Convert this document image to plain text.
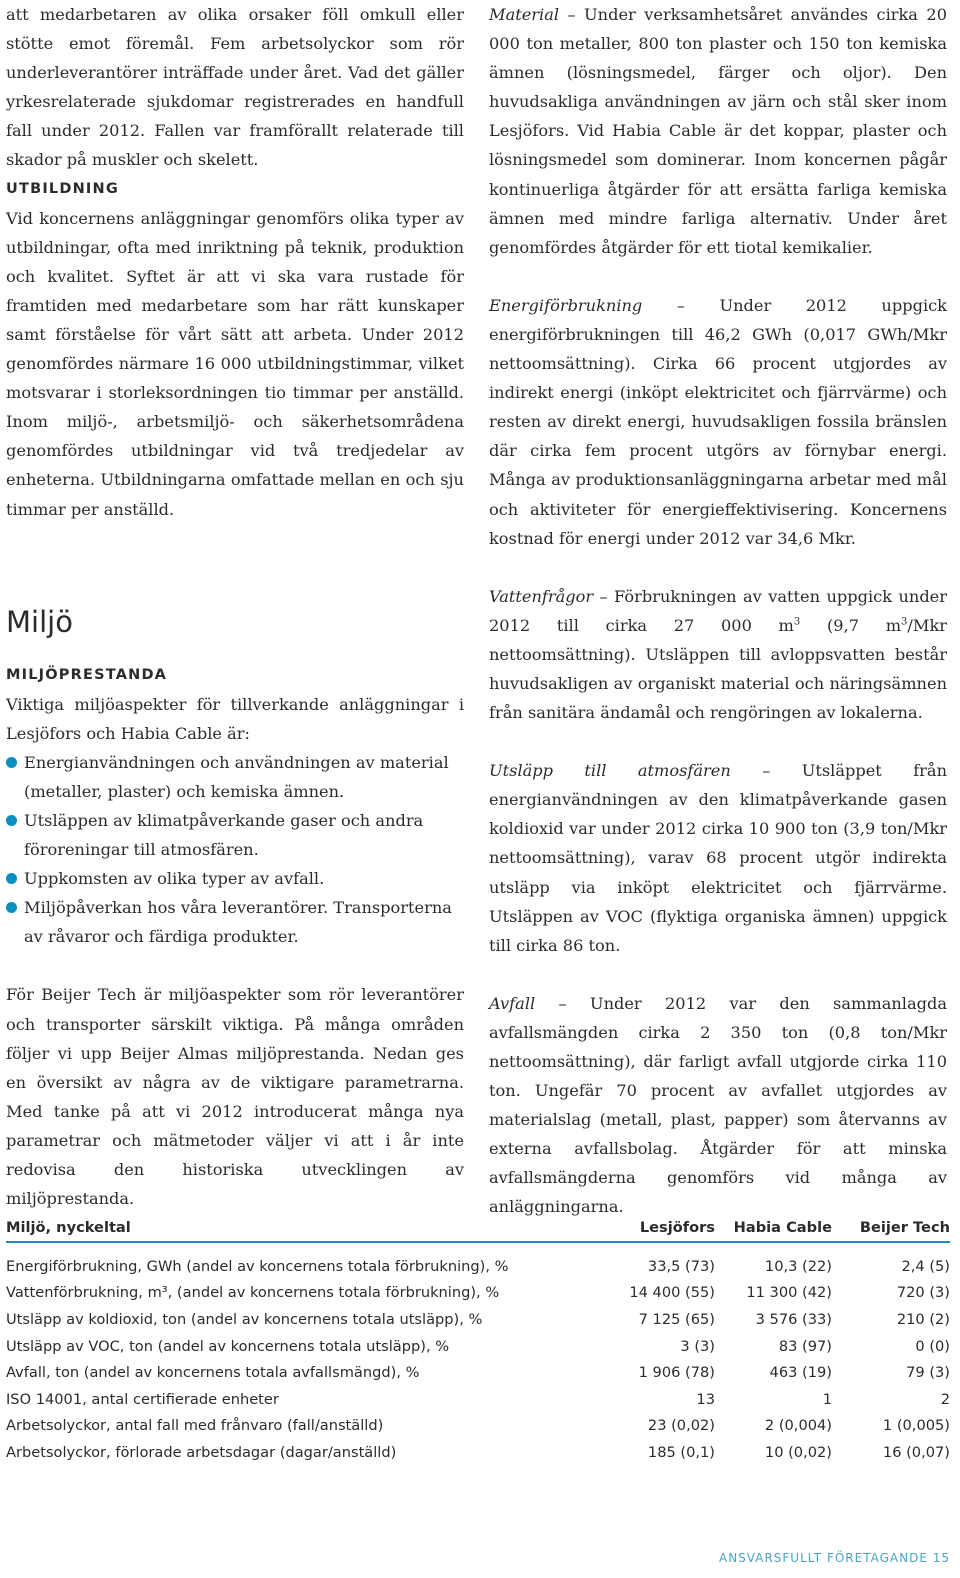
att medarbetaren av olika orsaker föll omkull eller stötte emot föremål. Fem arbetsolyckor som rör underleverantörer inträffade under året. Vad det gäller yrkesrelaterade sjukdomar registrerades en handfull fall under 2012. Fallen var framförallt relaterade till skador på muskler och skelett.

UTBILDNING

Vid koncernens anläggningar genomförs olika typer av utbildningar, ofta med inriktning på teknik, produktion och kvalitet. Syftet är att vi ska vara rustade för framtiden med medarbetare som har rätt kunskaper samt förståelse för vårt sätt att arbeta. Under 2012 genomfördes närmare 16 000 utbildningstimmar, vilket motsvarar i storleksordningen tio timmar per anställd. Inom miljö-, arbetsmiljö- och säkerhetsområdena genomfördes utbildningar vid två tredjedelar av enheterna. Utbildningarna omfattade mellan en och sju timmar per anställd.

Miljö

MILJÖPRESTANDA

Viktiga miljöaspekter för tillverkande anläggningar i Lesjöfors och Habia Cable är:

Energianvändningen och användningen av material (metaller, plaster) och kemiska ämnen.
Utsläppen av klimatpåverkande gaser och andra föroreningar till atmosfären.
Uppkomsten av olika typer av avfall.
Miljöpåverkan hos våra leverantörer. Transporterna av råvaror och färdiga produkter.

För Beijer Tech är miljöaspekter som rör leverantörer och transporter särskilt viktiga. På många områden följer vi upp Beijer Almas miljöprestanda. Nedan ges en översikt av några av de viktigare parametrarna. Med tanke på att vi 2012 introducerat många nya parametrar och mätmetoder väljer vi att i år inte redovisa den historiska utvecklingen av miljöprestanda.

Material – Under verksamhetsåret användes cirka 20 000 ton metaller, 800 ton plaster och 150 ton kemiska ämnen (lösningsmedel, färger och oljor). Den huvudsakliga användningen av järn och stål sker inom Lesjöfors. Vid Habia Cable är det koppar, plaster och lösningsmedel som dominerar. Inom koncernen pågår kontinuerliga åtgärder för att ersätta farliga kemiska ämnen med mindre farliga alternativ. Under året genomfördes åtgärder för ett tiotal kemikalier.

Energiförbrukning – Under 2012 uppgick energiförbrukningen till 46,2 GWh (0,017 GWh/Mkr nettoomsättning). Cirka 66 procent utgjordes av indirekt energi (inköpt elektricitet och fjärrvärme) och resten av direkt energi, huvudsakligen fossila bränslen där cirka fem procent utgörs av förnybar energi. Många av produktionsanläggningarna arbetar med mål och aktiviteter för energieffektivisering. Koncernens kostnad för energi under 2012 var 34,6 Mkr.

Vattenfrågor – Förbrukningen av vatten uppgick under 2012 till cirka 27 000 $m^3$ (9,7 $m^3$/Mkr nettoomsättning). Utsläppen till avloppsvatten består huvudsakligen av organiskt material och näringsämnen från sanitära ändamål och rengöringen av lokalerna.

Utsläpp till atmosfären – Utsläppet från energianvändningen av den klimatpåverkande gasen koldioxid var under 2012 cirka 10 900 ton (3,9 ton/Mkr nettoomsättning), varav 68 procent utgör indirekta utsläpp via inköpt elektricitet och fjärrvärme. Utsläppen av VOC (flyktiga organiska ämnen) uppgick till cirka 86 ton.

Avfall – Under 2012 var den sammanlagda avfallsmängden cirka 2 350 ton (0,8 ton/Mkr nettoomsättning), där farligt avfall utgjorde cirka 110 ton. Ungefär 70 procent av avfallet utgjordes av materialslag (metall, plast, papper) som återvanns av externa avfallsbolag. Åtgärder för att minska avfallsmängderna genomförs vid många av anläggningarna.

Miljö, nyckeltal	Lesjöfors	Habia Cable	Beijer Tech
Energiförbrukning, GWh (andel av koncernens totala förbrukning), %	33,5 (73)	10,3 (22)	2,4 (5)
Vattenförbrukning, m³, (andel av koncernens totala förbrukning), %	14 400 (55)	11 300 (42)	720 (3)
Utsläpp av koldioxid, ton (andel av koncernens totala utsläpp), %	7 125 (65)	3 576 (33)	210 (2)
Utsläpp av VOC, ton (andel av koncernens totala utsläpp), %	3 (3)	83 (97)	0 (0)
Avfall, ton (andel av koncernens totala avfallsmängd), %	1 906 (78)	463 (19)	79 (3)
ISO 14001, antal certifierade enheter	13	1	2
Arbetsolyckor, antal fall med frånvaro (fall/anställd)	23 (0,02)	2 (0,004)	1 (0,005)
Arbetsolyckor, förlorade arbetsdagar (dagar/anställd)	185 (0,1)	10 (0,02)	16 (0,07)
ANSVARSFULLT FÖRETAGANDE 15
